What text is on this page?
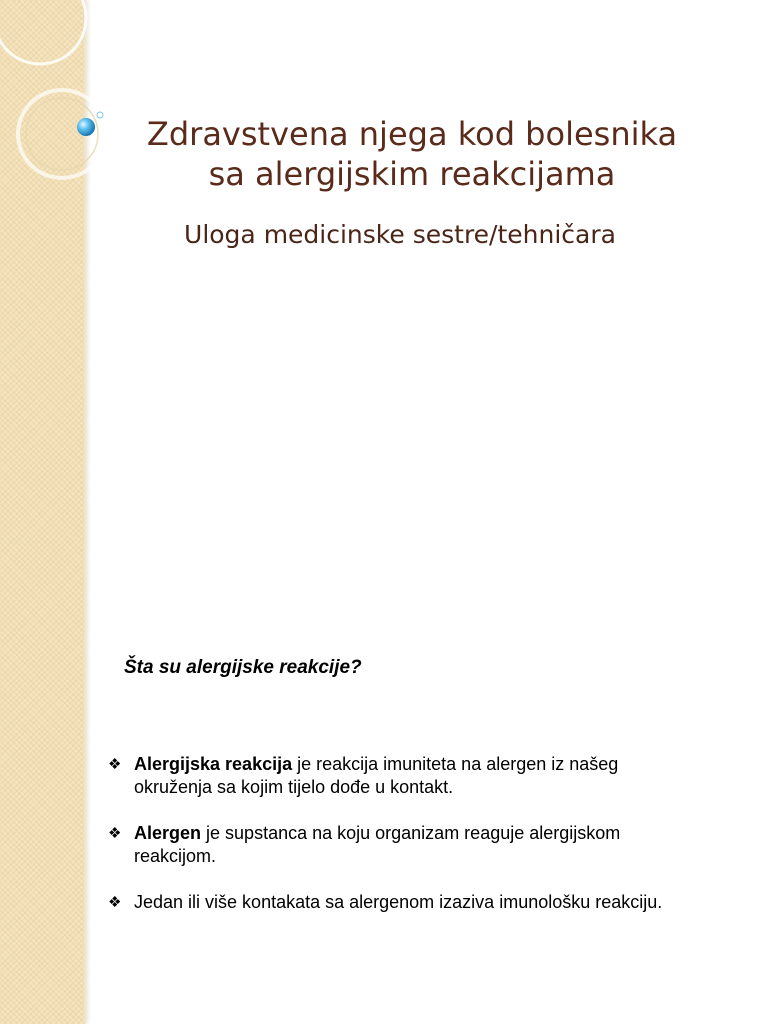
Zdravstvena njega kod bolesnika
sa alergijskim reakcijama
Uloga medicinske sestre/tehničara

Šta su alergijske reakcije?

❖ Alergijska reakcija je reakcija imuniteta na alergen iz našeg okruženja sa kojim tijelo dođe u kontakt.
❖ Alergen je supstanca na koju organizam reaguje alergijskom reakcijom.
❖ Jedan ili više kontakata sa alergenom izaziva imunološku reakciju.
